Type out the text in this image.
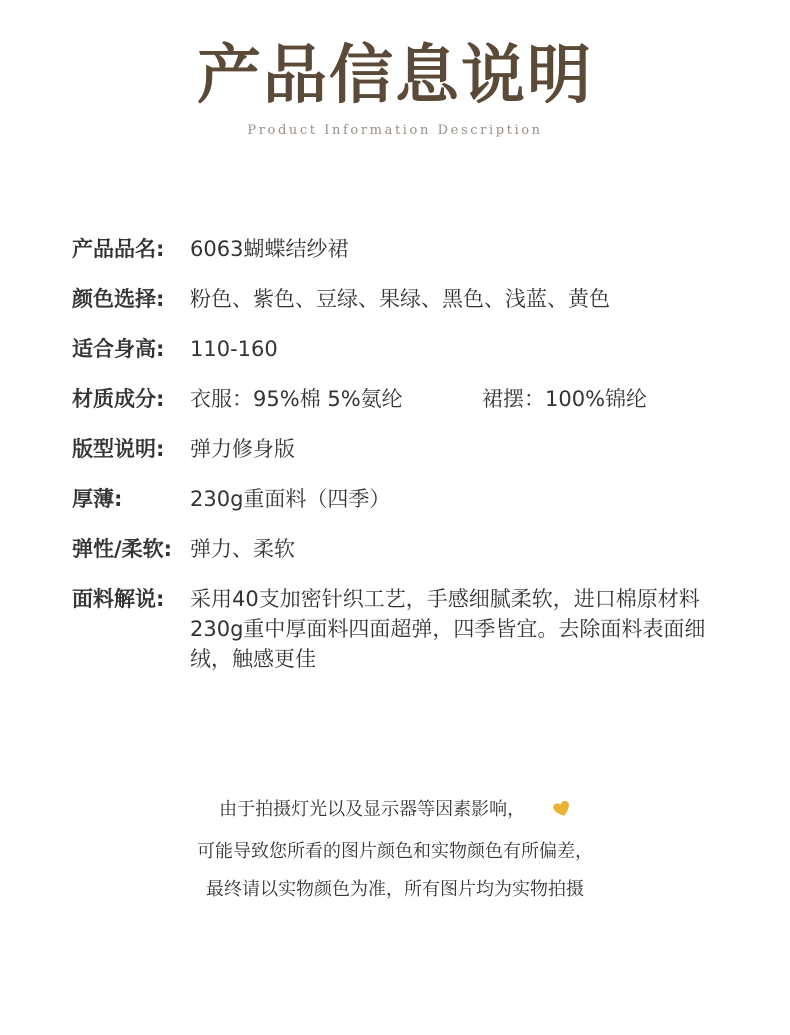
产品信息说明
Product Information Description
产品品名:	6063蝴蝶结纱裙
颜色选择:	粉色、紫色、豆绿、果绿、黑色、浅蓝、黄色
适合身高:	110-160
材质成分:	衣服：95%棉 5%氨纶	裙摆：100%锦纶
版型说明:	弹力修身版
厚薄:	230g重面料（四季）
弹性/柔软: 弹力、柔软
面料解说:	采用40支加密针织工艺，手感细腻柔软，进口棉原材料
230g重中厚面料四面超弹，四季皆宜。去除面料表面细
绒，触感更佳
由于拍摄灯光以及显示器等因素影响，
可能导致您所看的图片颜色和实物颜色有所偏差，
最终请以实物颜色为准，所有图片均为实物拍摄
